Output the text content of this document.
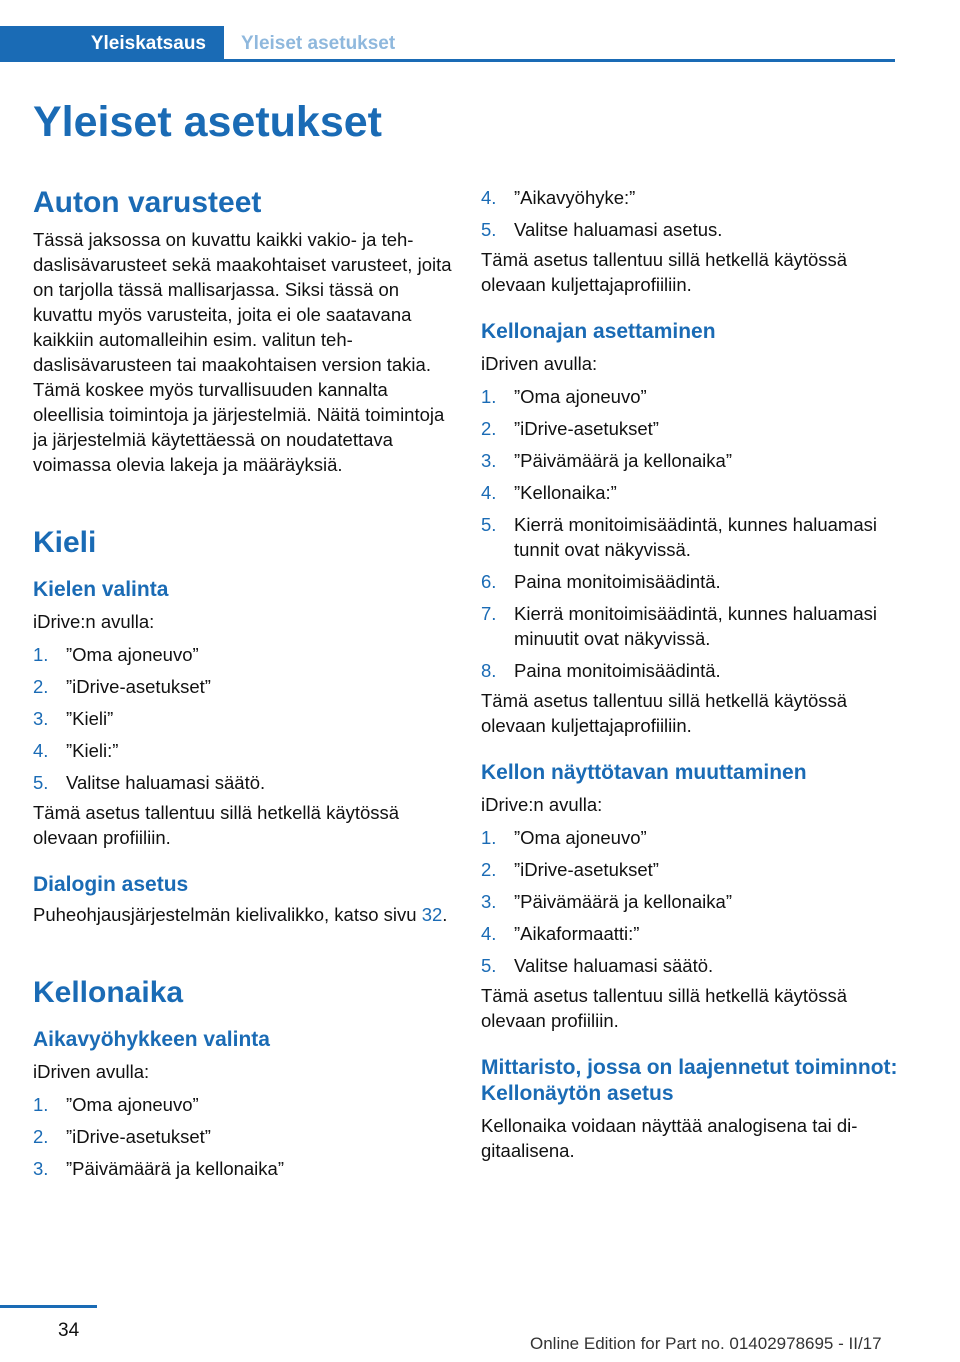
Yleiskatsaus	Yleiset asetukset
Yleiset asetukset
Auton varusteet

Tässä jaksossa on kuvattu kaikki vakio- ja tehdaslisävarusteet sekä maakohtaiset varusteet, joita on tarjolla tässä mallisarjassa. Siksi tässä on kuvattu myös varusteita, joita ei ole saatavana kaikkiin automalleihin esim. valitun tehdaslisävarusteen tai maakohtaisen version takia. Tämä koskee myös turvallisuuden kannalta oleellisia toimintoja ja järjestelmiä. Näitä toimintoja ja järjestelmiä käytettäessä on noudatettava voimassa olevia lakeja ja määräyksiä.

Kieli
Kielen valinta

iDrive:n avulla:

1. ”Oma ajoneuvo”
2. ”iDrive-asetukset”
3. ”Kieli”
4. ”Kieli:”
5. Valitse haluamasi säätö.

Tämä asetus tallentuu sillä hetkellä käytössä olevaan profiiliin.

Dialogin asetus

Puheohjausjärjestelmän kielivalikko, katso sivu 32.

Kellonaika
Aikavyöhykkeen valinta

iDriven avulla:

1. ”Oma ajoneuvo”
2. ”iDrive-asetukset”
3. ”Päivämäärä ja kellonaika”
4. ”Aikavyöhyke:”
5. Valitse haluamasi asetus.

Tämä asetus tallentuu sillä hetkellä käytössä olevaan kuljettajaprofiiliin.

Kellonajan asettaminen

iDriven avulla:

1. ”Oma ajoneuvo”
2. ”iDrive-asetukset”
3. ”Päivämäärä ja kellonaika”
4. ”Kellonaika:”
5. Kierrä monitoimisäädintä, kunnes haluamasi tunnit ovat näkyvissä.
6. Paina monitoimisäädintä.
7. Kierrä monitoimisäädintä, kunnes haluamasi minuutit ovat näkyvissä.
8. Paina monitoimisäädintä.

Tämä asetus tallentuu sillä hetkellä käytössä olevaan kuljettajaprofiiliin.

Kellon näyttötavan muuttaminen

iDrive:n avulla:

1. ”Oma ajoneuvo”
2. ”iDrive-asetukset”
3. ”Päivämäärä ja kellonaika”
4. ”Aikaformaatti:”
5. Valitse haluamasi säätö.

Tämä asetus tallentuu sillä hetkellä käytössä olevaan profiiliin.

Mittaristo, jossa on laajennetut toiminnot: Kellonäytön asetus

Kellonaika voidaan näyttää analogisena tai digitaalisena.

34
Online Edition for Part no. 01402978695 - II/17
